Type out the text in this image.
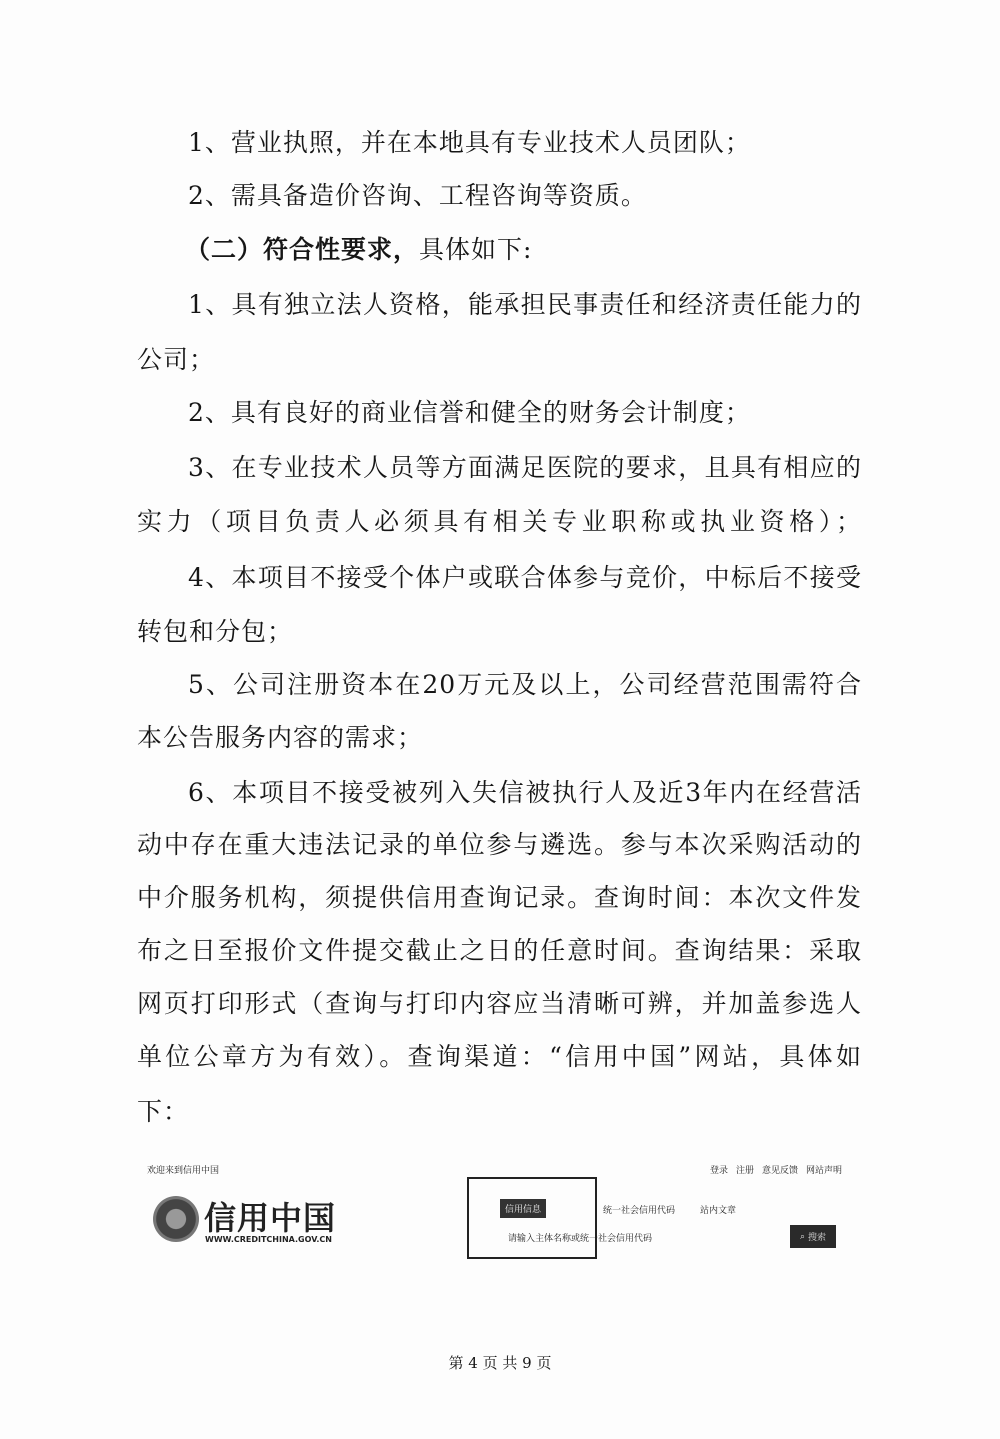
1、营业执照，并在本地具有专业技术人员团队；
2、需具备造价咨询、工程咨询等资质。
（二）符合性要求，具体如下:
1、具有独立法人资格，能承担民事责任和经济责任能力的
公司；
2、具有良好的商业信誉和健全的财务会计制度；
3、在专业技术人员等方面满足医院的要求，且具有相应的
实力（项目负责人必须具有相关专业职称或执业资格）；
4、本项目不接受个体户或联合体参与竞价，中标后不接受
转包和分包；
5、公司注册资本在20万元及以上，公司经营范围需符合
本公告服务内容的需求；
6、本项目不接受被列入失信被执行人及近3年内在经营活
动中存在重大违法记录的单位参与遴选。参与本次采购活动的
中介服务机构，须提供信用查询记录。查询时间：本次文件发
布之日至报价文件提交截止之日的任意时间。查询结果：采取
网页打印形式（查询与打印内容应当清晰可辨，并加盖参选人
单位公章方为有效）。查询渠道：“信用中国”网站，具体如
下：
欢迎来到信用中国	登录 注册 意见反馈 网站声明
信用中国
WWW.CREDITCHINA.GOV.CN
信用信息	统一社会信用代码	站内文章
请输入主体名称或统一社会信用代码	⌕ 搜索
第 4 页 共 9 页
